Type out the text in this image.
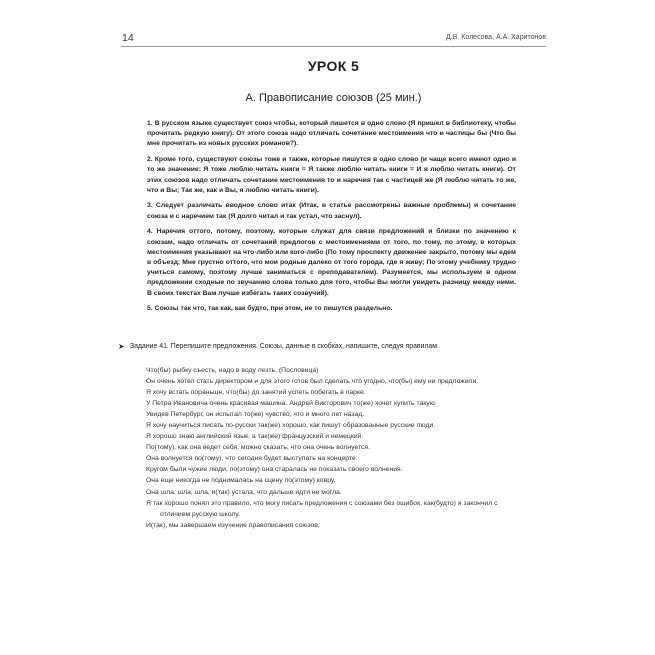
14	Д.В. Колесова, А.А. Харитонов
УРОК 5
А. Правописание союзов (25 мин.)

1. В русском языке существует союз чтобы, который пишется в одно слово (Я пришел в библиотеку, чтобы прочитать редкую книгу). От этого союза надо отличать сочетание местоимения что и частицы бы (Что бы мне прочитать из новых русских романов?).

2. Кроме того, существуют союзы тоже и также, которые пишутся в одно слово (и чаще всего имеют одно и то же значение: Я тоже люблю читать книги = Я также люблю читать книги = И я люблю читать книги). От этих союзов надо отличать сочетание местоимения то и наречия так с частицей же (Я люблю читать то же, что и Вы; Так же, как и Вы, я люблю читать книги).

3. Следует различать вводное слово итак (Итак, в статье рассмотрены важные проблемы) и сочетание союза и с наречием так (Я долго читал и так устал, что заснул).

4. Наречия оттого, потому, поэтому, которые служат для связи предложений и близки по значению к союзам, надо отличать от сочетаний предлогов с местоимениями от того, по тому, по этому, в которых местоимения указывают на что-либо или кого-либо (По тому проспекту движение закрыто, потому мы едем в объезд; Мне грустно оттого, что мои родные далеко от того города, где я живу; По этому учебнику трудно учиться самому, поэтому лучше заниматься с преподавателем). Разумеется, мы используем в одном предложении сходные по звучанию слова только для того, чтобы Вы могли увидеть разницу между ними. В своих текстах Вам лучше избегать таких созвучий).

5. Союзы так что, так как, как будто, при этом, не то пишутся раздельно.

➤ Задание 41. Перепишите предложения. Союзы, данные в скобках, напишите, следуя правилам.
Что(бы) рыбку съесть, надо в воду лезть. (Пословица)
Он очень хотел стать директором и для этого готов был сделать что угодно, что(бы) ему ни предложили.
Я хочу встать пораньше, что(бы) до занятий успеть побегать в парке.
У Петра Ивановича очень красивая машина. Андрей Викторович то(же) хочет купить такую.
Увидев Петербург, он испытал то(же) чувство, что и много лет назад.
Я хочу научиться писать по-русски так(же) хорошо, как пишут образованные русские люди.
Я хорошо знаю английский язык, а так(же) французский и немецкий.
По(тому), как она ведет себя, можно сказать, что она очень волнуется.
Она волнуется по(тому), что сегодня будет выступать на концерте.
Кругом были чужие люди, по(этому) она старалась не показать своего волнения.
Она еще никогда не поднималась на сцену по(этому) ковру.
Она шла, шла, шла, и(так) устала, что дальше идти не могла.
Я так хорошо понял это правило, что могу писать предложения с союзами без ошибок, как(будто) я закончил с отличием русскую школу.
И(так), мы завершаем изучение правописания союзов.
